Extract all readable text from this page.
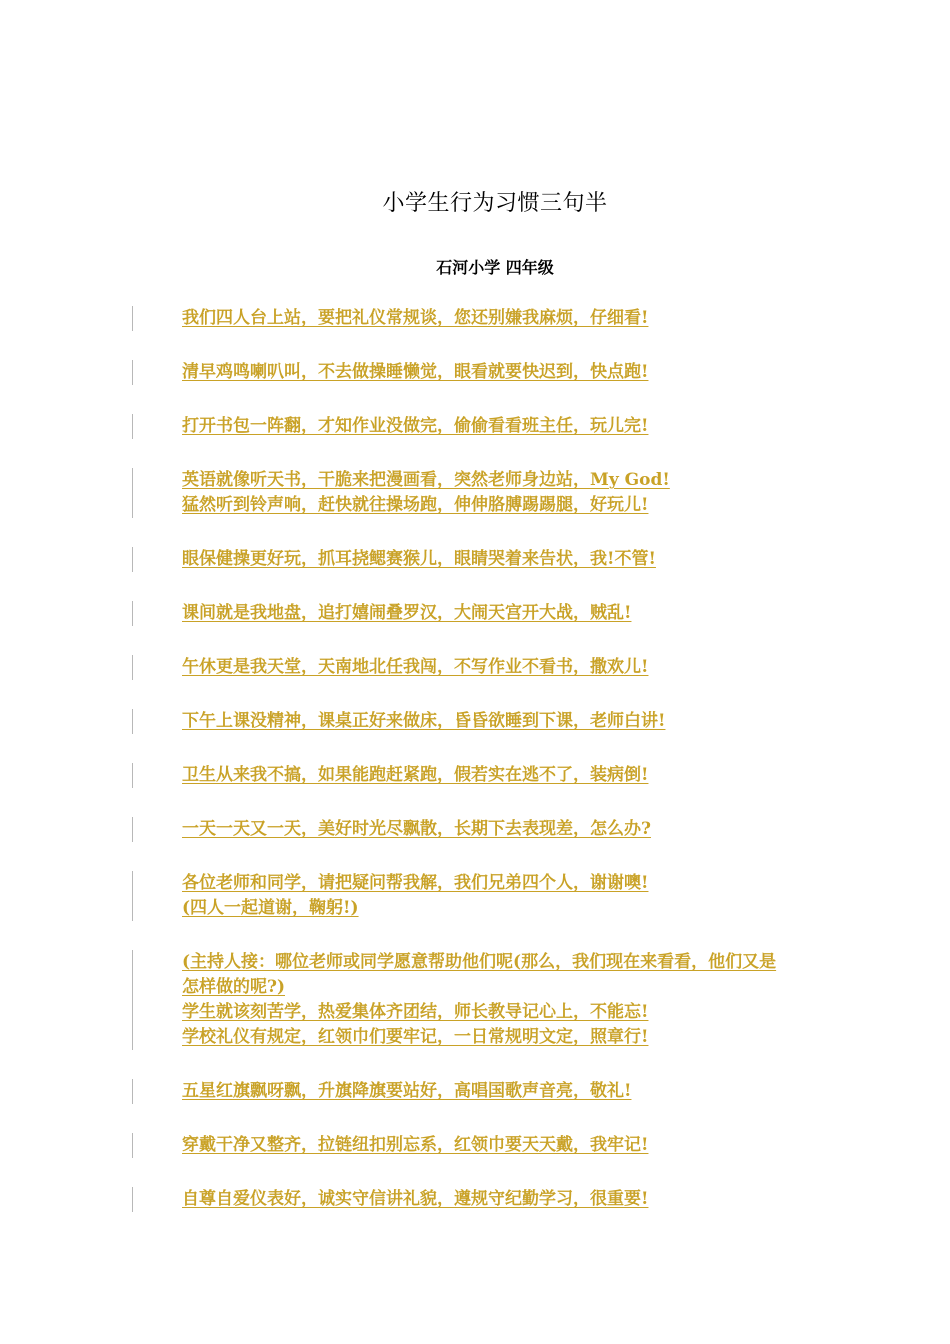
小学生行为习惯三句半
石河小学 四年级
我们四人台上站，要把礼仪常规谈，您还别嫌我麻烦，仔细看!
清早鸡鸣喇叭叫，不去做操睡懒觉，眼看就要快迟到，快点跑!
打开书包一阵翻，才知作业没做完，偷偷看看班主任，玩儿完!
英语就像听天书，干脆来把漫画看，突然老师身边站，My God!
猛然听到铃声响，赶快就往操场跑，伸伸胳膊踢踢腿，好玩儿!
眼保健操更好玩，抓耳挠鳃赛猴儿，眼睛哭着来告状，我!不管!
课间就是我地盘，追打嬉闹叠罗汉，大闹天宫开大战，贼乱!
午休更是我天堂，天南地北任我闯，不写作业不看书，撒欢儿!
下午上课没精神，课桌正好来做床，昏昏欲睡到下课，老师白讲!
卫生从来我不搞，如果能跑赶紧跑，假若实在逃不了，装病倒!
一天一天又一天，美好时光尽飘散，长期下去表现差，怎么办?
各位老师和同学，请把疑问帮我解，我们兄弟四个人，谢谢噢!
(四人一起道谢，鞠躬!)
(主持人接：哪位老师或同学愿意帮助他们呢(那么，我们现在来看看，他们又是怎样做的呢?)
学生就该刻苦学，热爱集体齐团结，师长教导记心上，不能忘!
学校礼仪有规定，红领巾们要牢记，一日常规明文定，照章行!
五星红旗飘呀飘，升旗降旗要站好，高唱国歌声音亮，敬礼!
穿戴干净又整齐，拉链纽扣别忘系，红领巾要天天戴，我牢记!
自尊自爱仪表好，诚实守信讲礼貌，遵规守纪勤学习，很重要!
